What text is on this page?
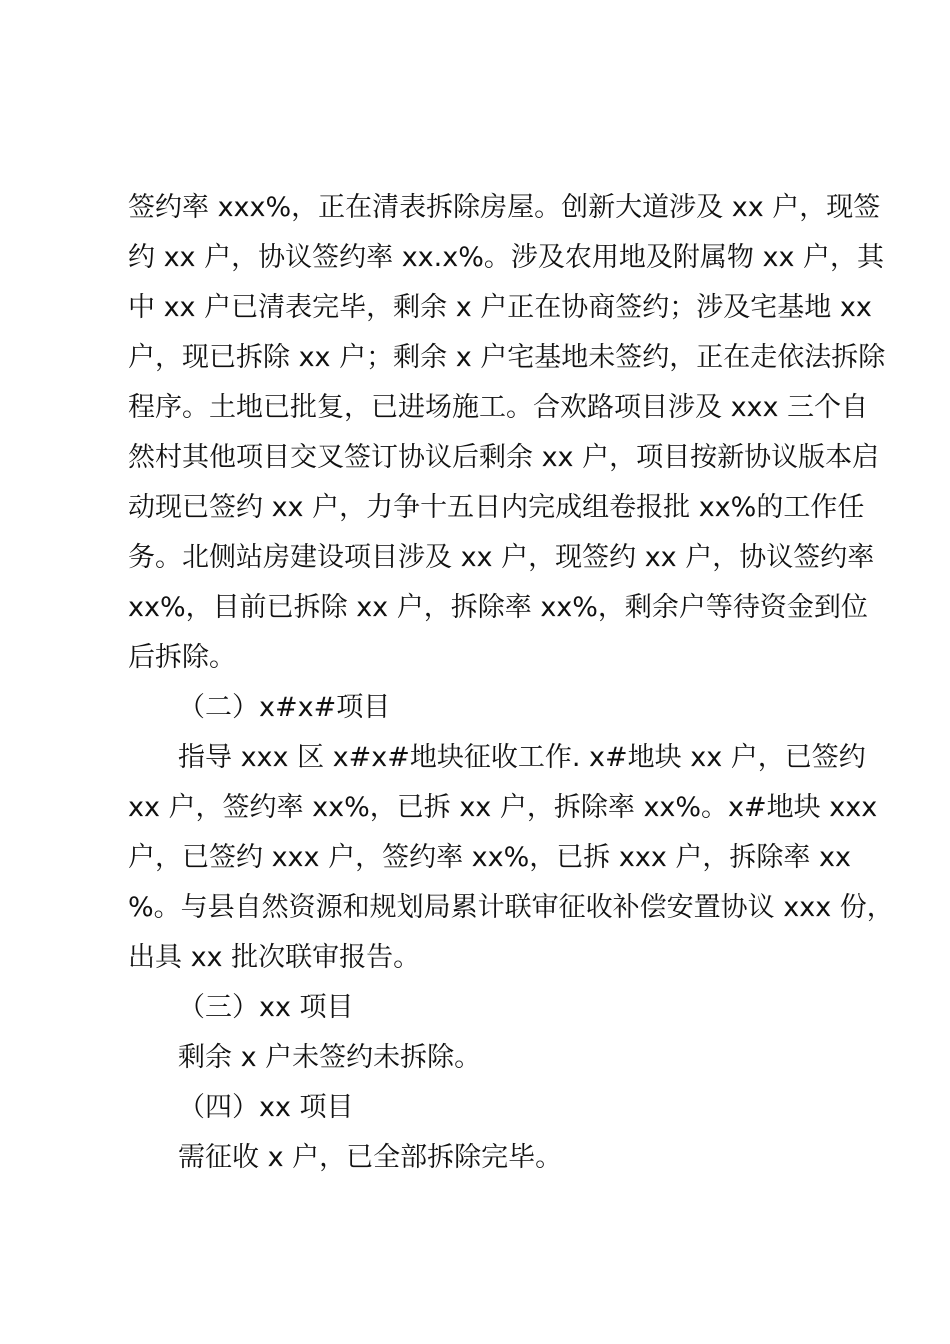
签约率 xxx%，正在清表拆除房屋。创新大道涉及 xx 户，现签
约 xx 户，协议签约率 xx.x%。涉及农用地及附属物 xx 户，其
中 xx 户已清表完毕，剩余 x 户正在协商签约；涉及宅基地 xx
户，现已拆除 xx 户；剩余 x 户宅基地未签约，正在走依法拆除
程序。土地已批复，已进场施工。合欢路项目涉及 xxx 三个自
然村其他项目交叉签订协议后剩余 xx 户，项目按新协议版本启
动现已签约 xx 户，力争十五日内完成组卷报批 xx%的工作任
务。北侧站房建设项目涉及 xx 户，现签约 xx 户，协议签约率
xx%，目前已拆除 xx 户，拆除率 xx%，剩余户等待资金到位
后拆除。
（二）x#x#项目
指导 xxx 区 x#x#地块征收工作. x#地块 xx 户，已签约
xx 户，签约率 xx%，已拆 xx 户，拆除率 xx%。x#地块 xxx
户，已签约 xxx 户，签约率 xx%，已拆 xxx 户，拆除率 xx
%。与县自然资源和规划局累计联审征收补偿安置协议 xxx 份，
出具 xx 批次联审报告。
（三）xx 项目
剩余 x 户未签约未拆除。
（四）xx 项目
需征收 x 户，已全部拆除完毕。
